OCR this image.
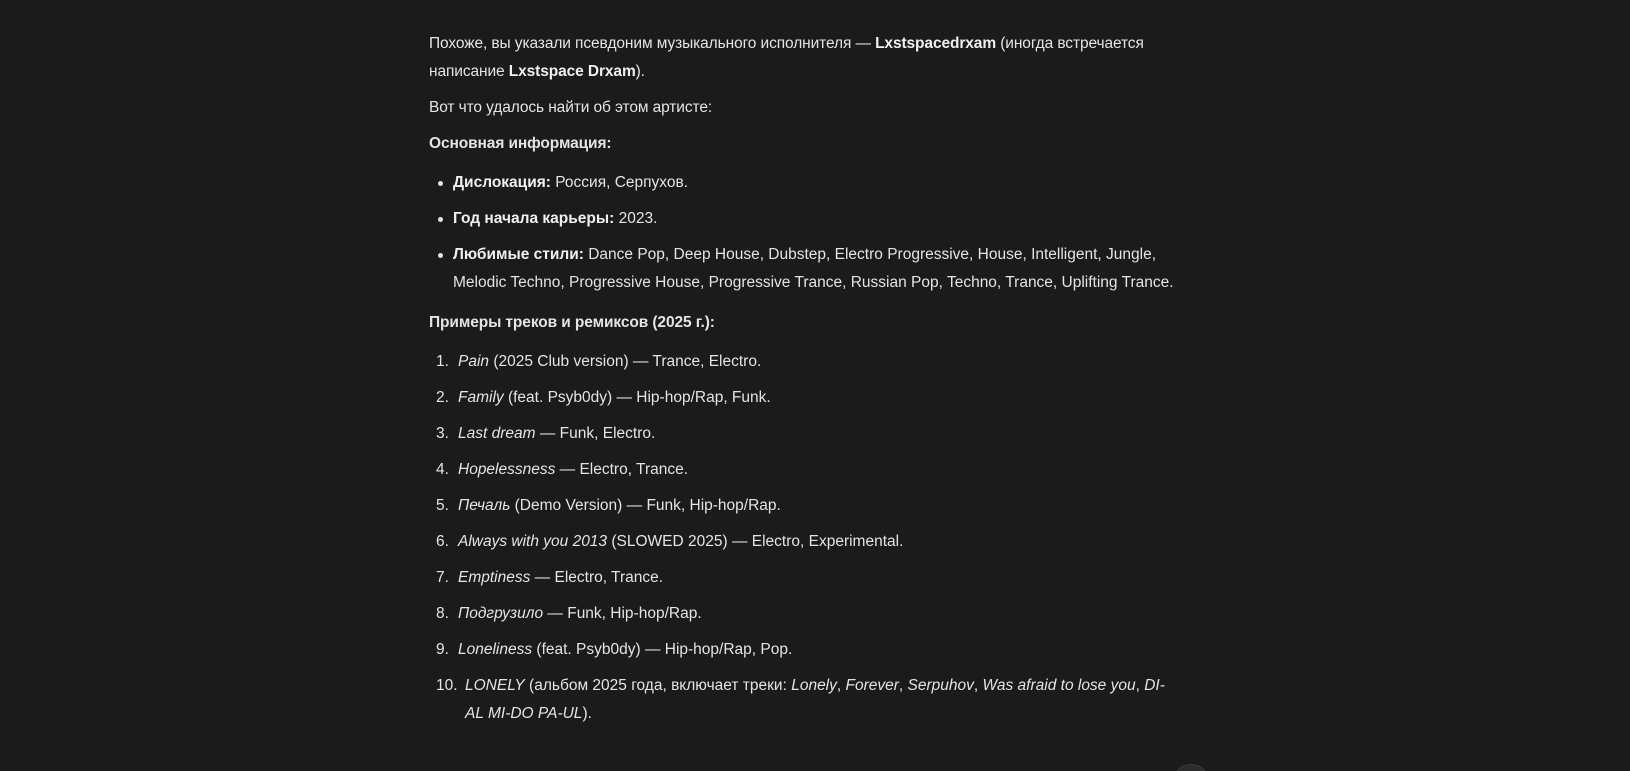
Похоже, вы указали псевдоним музыкального исполнителя — Lxstspacedrxam (иногда встречается написание Lxstspace Drxam).

Вот что удалось найти об этом артисте:

Основная информация:

Дислокация: Россия, Серпухов.
Год начала карьеры: 2023.
Любимые стили: Dance Pop, Deep House, Dubstep, Electro Progressive, House, Intelligent, Jungle, Melodic Techno, Progressive House, Progressive Trance, Russian Pop, Techno, Trance, Uplifting Trance.

Примеры треков и ремиксов (2025 г.):

1. Pain (2025 Club version) — Trance, Electro.
2. Family (feat. Psyb0dy) — Hip-hop/Rap, Funk.
3. Last dream — Funk, Electro.
4. Hopelessness — Electro, Trance.
5. Печаль (Demo Version) — Funk, Hip-hop/Rap.
6. Always with you 2013 (SLOWED 2025) — Electro, Experimental.
7. Emptiness — Electro, Trance.
8. Подгрузило — Funk, Hip-hop/Rap.
9. Loneliness (feat. Psyb0dy) — Hip-hop/Rap, Pop.
10. LONELY (альбом 2025 года, включает треки: Lonely, Forever, Serpuhov, Was afraid to lose you, DI-AL MI-DO PA-UL).
